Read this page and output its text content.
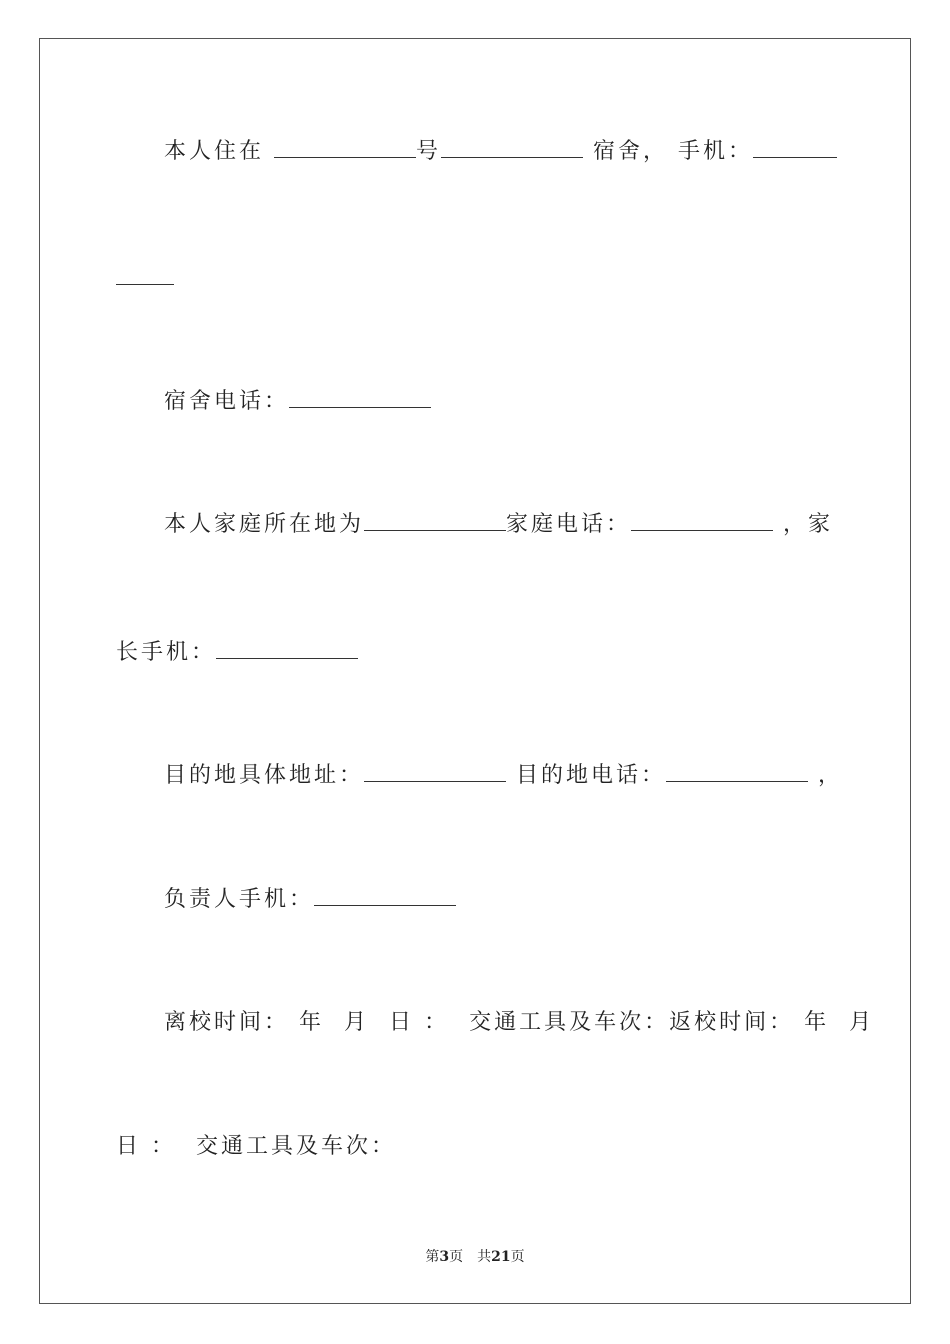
本人住在	号	宿舍， 手机：
宿舍电话：
本人家庭所在地为	家庭电话：	，家
长手机：
目的地具体地址：	目的地电话：	，
负责人手机：
离校时间： 年 月 日 ： 交通工具及车次：返校时间： 年 月
日 ： 交通工具及车次：
第3页　共21页
